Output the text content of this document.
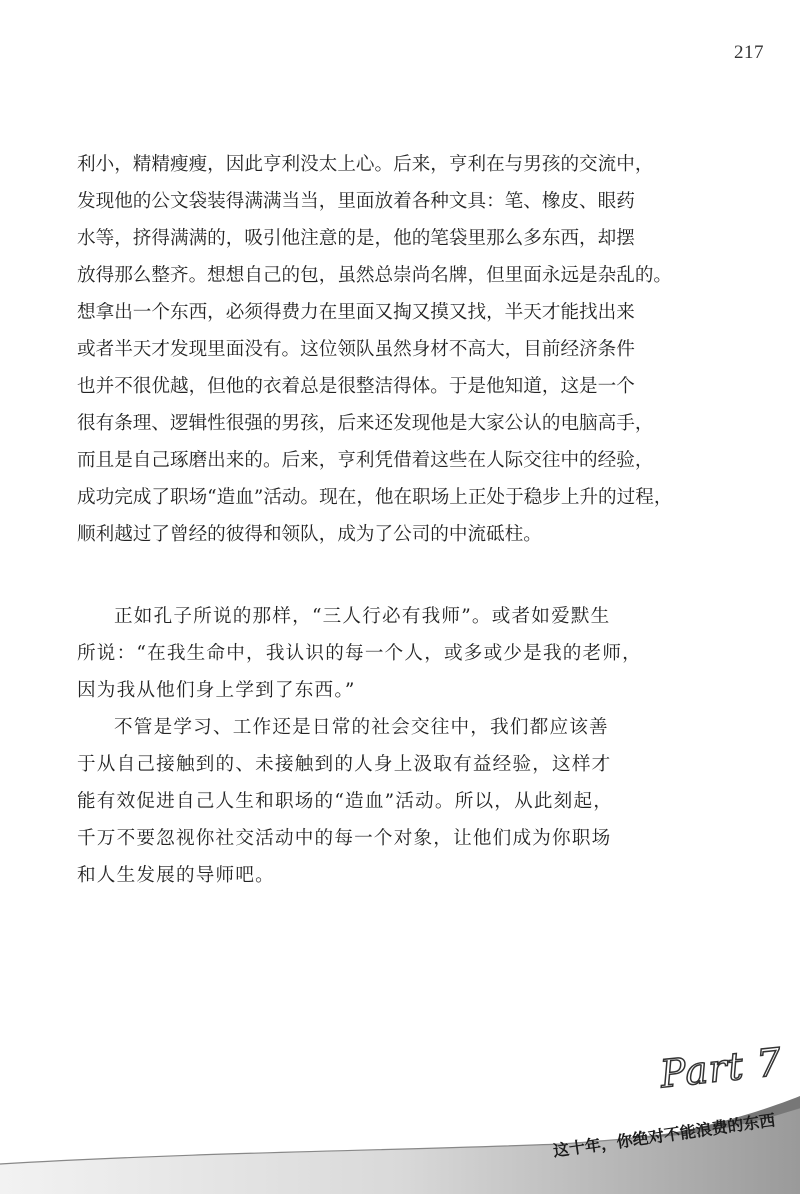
217

利小，精精瘦瘦，因此亨利没太上心。后来，亨利在与男孩的交流中，

发现他的公文袋装得满满当当，里面放着各种文具：笔、橡皮、眼药

水等，挤得满满的，吸引他注意的是，他的笔袋里那么多东西，却摆

放得那么整齐。想想自己的包，虽然总崇尚名牌，但里面永远是杂乱的。

想拿出一个东西，必须得费力在里面又掏又摸又找，半天才能找出来

或者半天才发现里面没有。这位领队虽然身材不高大，目前经济条件

也并不很优越，但他的衣着总是很整洁得体。于是他知道，这是一个

很有条理、逻辑性很强的男孩，后来还发现他是大家公认的电脑高手，

而且是自己琢磨出来的。后来，亨利凭借着这些在人际交往中的经验，

成功完成了职场“造血”活动。现在，他在职场上正处于稳步上升的过程，

顺利越过了曾经的彼得和领队，成为了公司的中流砥柱。

正如孔子所说的那样，“三人行必有我师”。或者如爱默生

所说：“在我生命中，我认识的每一个人，或多或少是我的老师，

因为我从他们身上学到了东西。”

不管是学习、工作还是日常的社会交往中，我们都应该善

于从自己接触到的、未接触到的人身上汲取有益经验，这样才

能有效促进自己人生和职场的“造血”活动。所以，从此刻起，

千万不要忽视你社交活动中的每一个对象，让他们成为你职场

和人生发展的导师吧。

Part 7
这十年，你绝对不能浪费的东西
